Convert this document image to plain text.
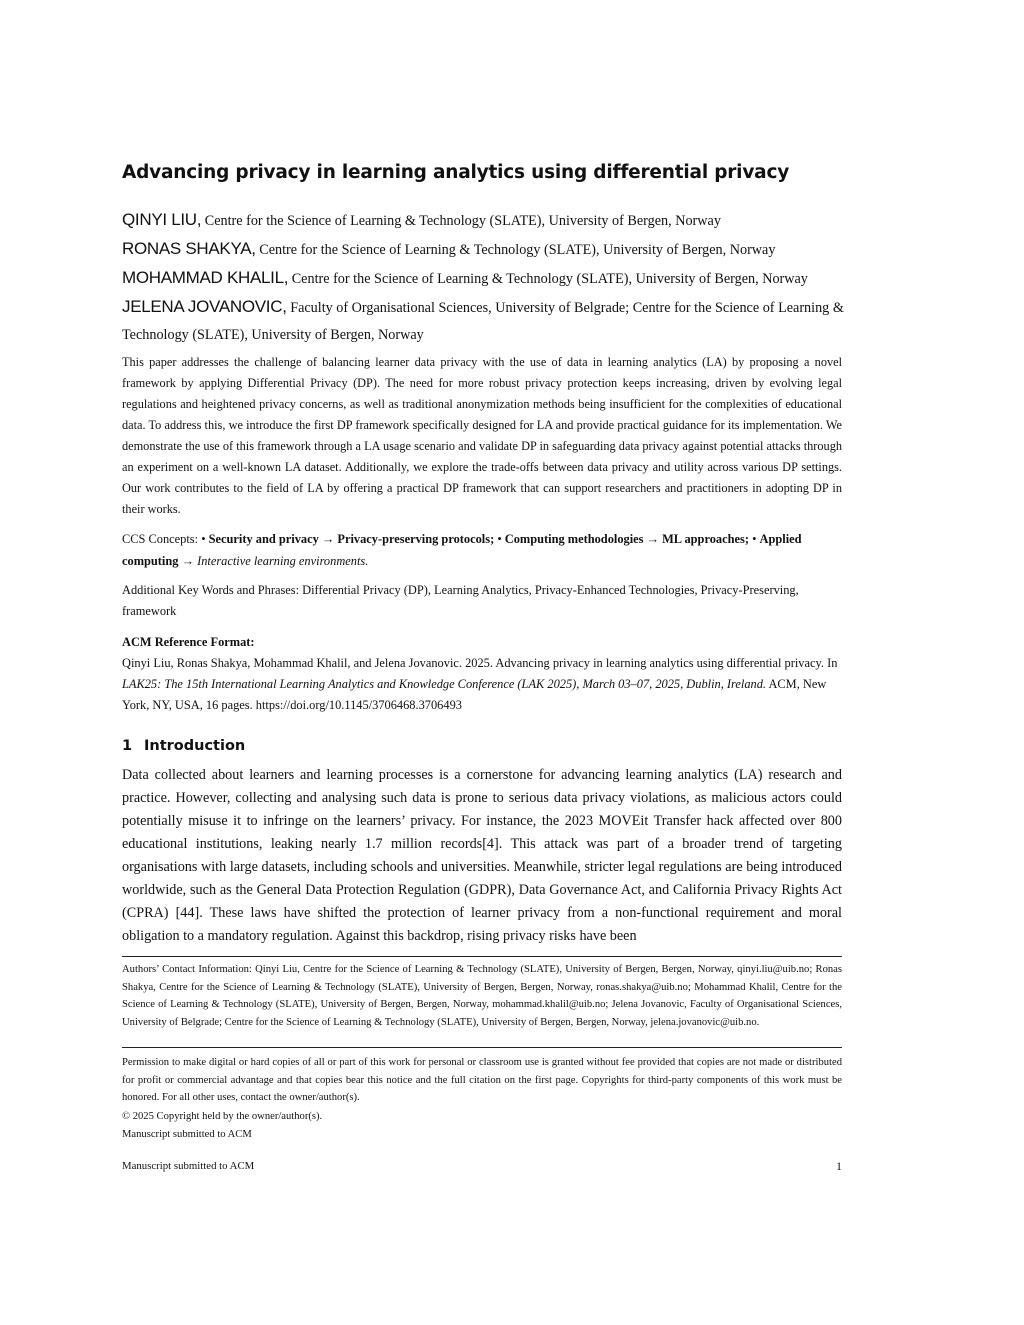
Advancing privacy in learning analytics using differential privacy
QINYI LIU, Centre for the Science of Learning & Technology (SLATE), University of Bergen, Norway
RONAS SHAKYA, Centre for the Science of Learning & Technology (SLATE), University of Bergen, Norway
MOHAMMAD KHALIL, Centre for the Science of Learning & Technology (SLATE), University of Bergen, Norway
JELENA JOVANOVIC, Faculty of Organisational Sciences, University of Belgrade; Centre for the Science of Learning & Technology (SLATE), University of Bergen, Norway
This paper addresses the challenge of balancing learner data privacy with the use of data in learning analytics (LA) by proposing a novel framework by applying Differential Privacy (DP). The need for more robust privacy protection keeps increasing, driven by evolving legal regulations and heightened privacy concerns, as well as traditional anonymization methods being insufficient for the complexities of educational data. To address this, we introduce the first DP framework specifically designed for LA and provide practical guidance for its implementation. We demonstrate the use of this framework through a LA usage scenario and validate DP in safeguarding data privacy against potential attacks through an experiment on a well-known LA dataset. Additionally, we explore the trade-offs between data privacy and utility across various DP settings. Our work contributes to the field of LA by offering a practical DP framework that can support researchers and practitioners in adopting DP in their works.
CCS Concepts: • Security and privacy → Privacy-preserving protocols; • Computing methodologies → ML approaches; • Applied computing → Interactive learning environments.
Additional Key Words and Phrases: Differential Privacy (DP), Learning Analytics, Privacy-Enhanced Technologies, Privacy-Preserving, framework
ACM Reference Format:
Qinyi Liu, Ronas Shakya, Mohammad Khalil, and Jelena Jovanovic. 2025. Advancing privacy in learning analytics using differential privacy. In LAK25: The 15th International Learning Analytics and Knowledge Conference (LAK 2025), March 03–07, 2025, Dublin, Ireland. ACM, New York, NY, USA, 16 pages. https://doi.org/10.1145/3706468.3706493
1 Introduction
Data collected about learners and learning processes is a cornerstone for advancing learning analytics (LA) research and practice. However, collecting and analysing such data is prone to serious data privacy violations, as malicious actors could potentially misuse it to infringe on the learners’ privacy. For instance, the 2023 MOVEit Transfer hack affected over 800 educational institutions, leaking nearly 1.7 million records[4]. This attack was part of a broader trend of targeting organisations with large datasets, including schools and universities. Meanwhile, stricter legal regulations are being introduced worldwide, such as the General Data Protection Regulation (GDPR), Data Governance Act, and California Privacy Rights Act (CPRA) [44]. These laws have shifted the protection of learner privacy from a non-functional requirement and moral obligation to a mandatory regulation. Against this backdrop, rising privacy risks have been
Authors’ Contact Information: Qinyi Liu, Centre for the Science of Learning & Technology (SLATE), University of Bergen, Bergen, Norway, qinyi.liu@uib.no; Ronas Shakya, Centre for the Science of Learning & Technology (SLATE), University of Bergen, Bergen, Norway, ronas.shakya@uib.no; Mohammad Khalil, Centre for the Science of Learning & Technology (SLATE), University of Bergen, Bergen, Norway, mohammad.khalil@uib.no; Jelena Jovanovic, Faculty of Organisational Sciences, University of Belgrade; Centre for the Science of Learning & Technology (SLATE), University of Bergen, Bergen, Norway, jelena.jovanovic@uib.no.
Permission to make digital or hard copies of all or part of this work for personal or classroom use is granted without fee provided that copies are not made or distributed for profit or commercial advantage and that copies bear this notice and the full citation on the first page. Copyrights for third-party components of this work must be honored. For all other uses, contact the owner/author(s).
© 2025 Copyright held by the owner/author(s).
Manuscript submitted to ACM
Manuscript submitted to ACM	1
